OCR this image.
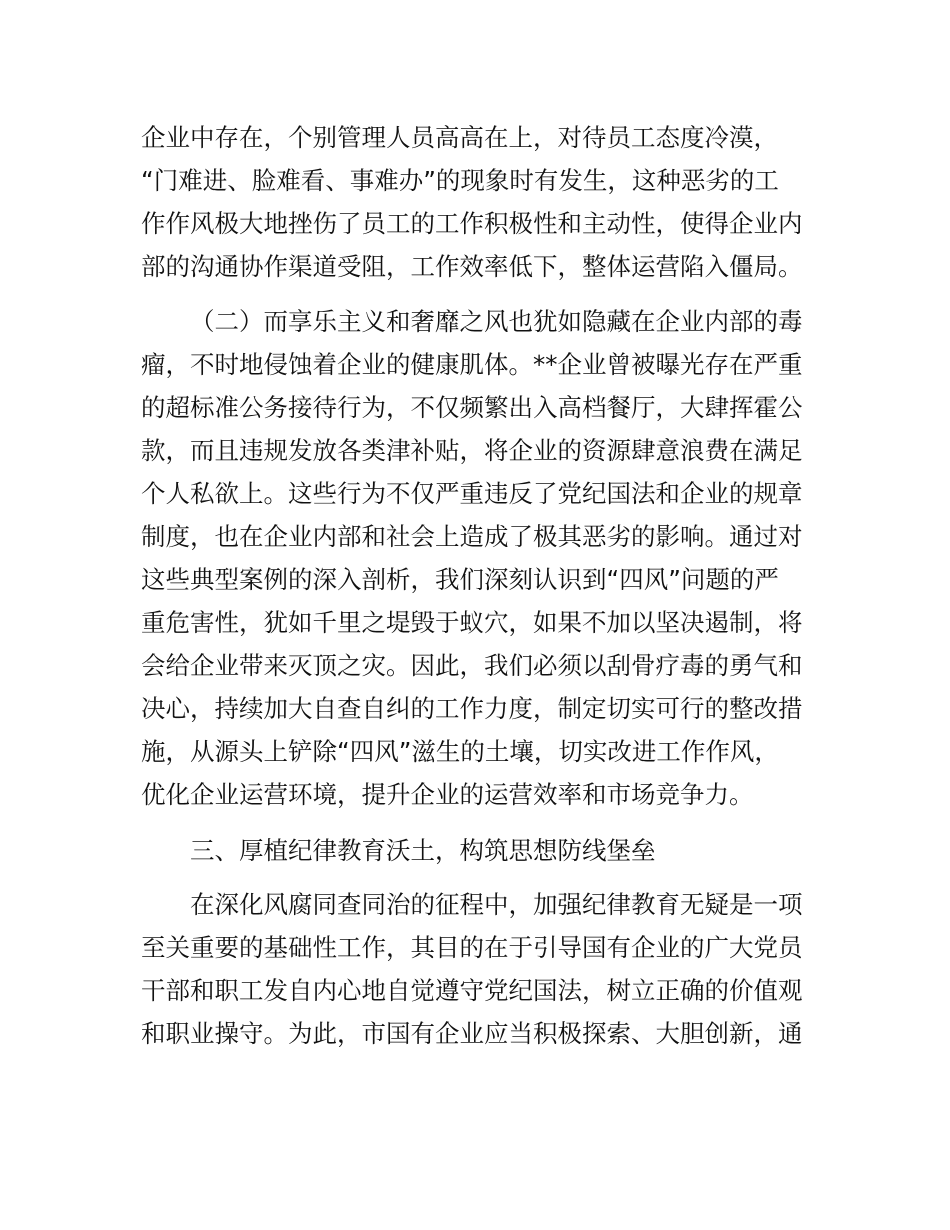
企业中存在，个别管理人员高高在上，对待员工态度冷漠，
“门难进、脸难看、事难办”的现象时有发生，这种恶劣的工
作作风极大地挫伤了员工的工作积极性和主动性，使得企业内
部的沟通协作渠道受阻，工作效率低下，整体运营陷入僵局。
（二）而享乐主义和奢靡之风也犹如隐藏在企业内部的毒
瘤，不时地侵蚀着企业的健康肌体。**企业曾被曝光存在严重
的超标准公务接待行为，不仅频繁出入高档餐厅，大肆挥霍公
款，而且违规发放各类津补贴，将企业的资源肆意浪费在满足
个人私欲上。这些行为不仅严重违反了党纪国法和企业的规章
制度，也在企业内部和社会上造成了极其恶劣的影响。通过对
这些典型案例的深入剖析，我们深刻认识到“四风”问题的严
重危害性，犹如千里之堤毁于蚁穴，如果不加以坚决遏制，将
会给企业带来灭顶之灾。因此，我们必须以刮骨疗毒的勇气和
决心，持续加大自查自纠的工作力度，制定切实可行的整改措
施，从源头上铲除“四风”滋生的土壤，切实改进工作作风，
优化企业运营环境，提升企业的运营效率和市场竞争力。
三、厚植纪律教育沃土，构筑思想防线堡垒
在深化风腐同查同治的征程中，加强纪律教育无疑是一项
至关重要的基础性工作，其目的在于引导国有企业的广大党员
干部和职工发自内心地自觉遵守党纪国法，树立正确的价值观
和职业操守。为此，市国有企业应当积极探索、大胆创新，通
